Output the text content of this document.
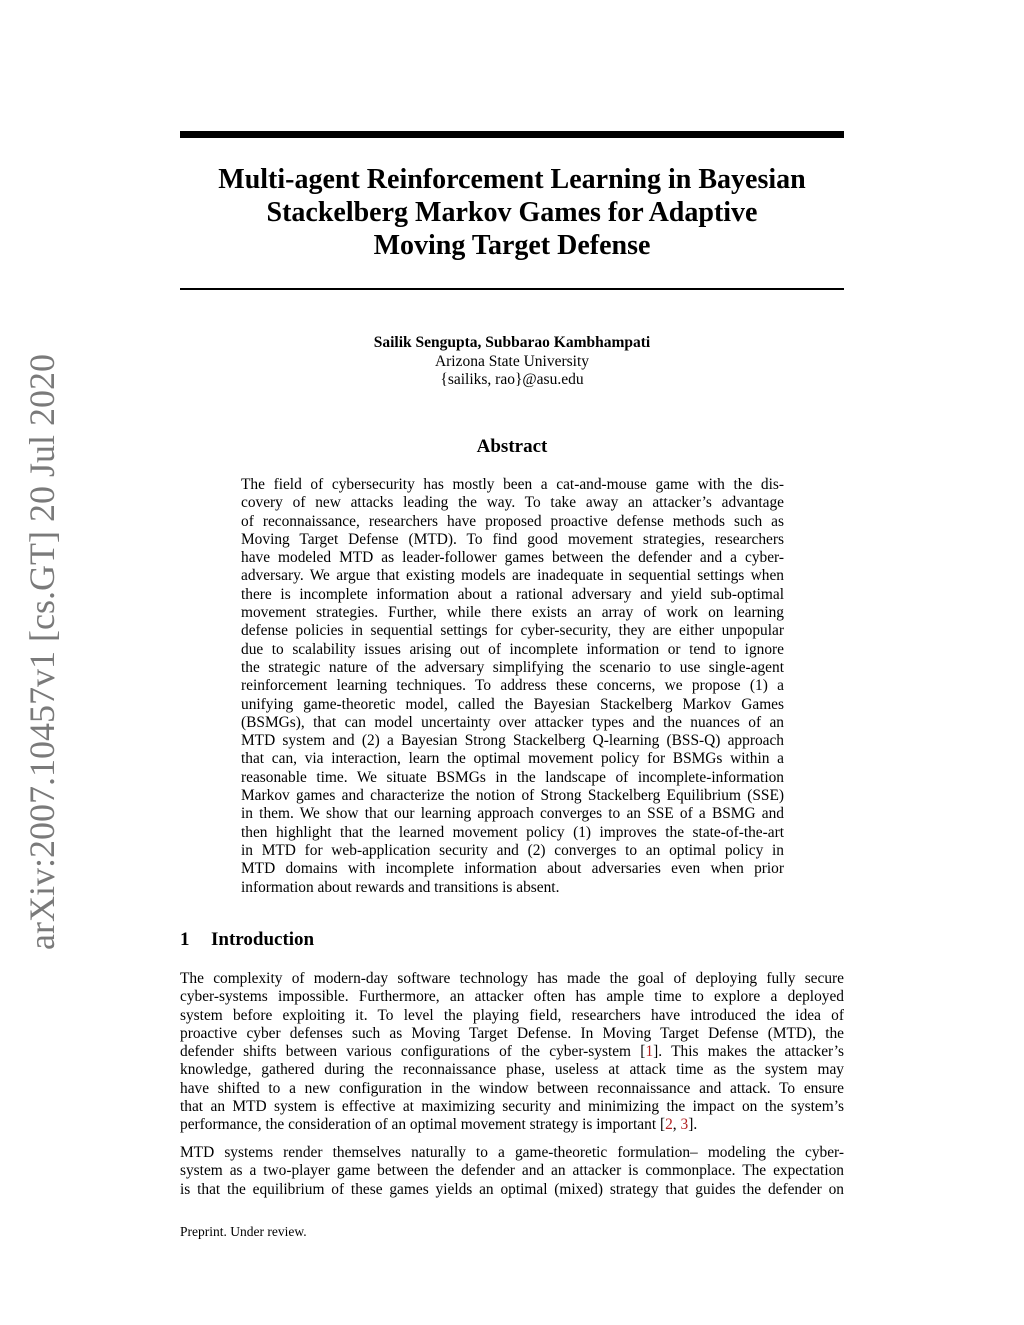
arXiv:2007.10457v1 [cs.GT] 20 Jul 2020
Multi-agent Reinforcement Learning in Bayesian
Stackelberg Markov Games for Adaptive
Moving Target Defense
Sailik Sengupta, Subbarao Kambhampati
Arizona State University
{sailiks, rao}@asu.edu
Abstract
The field of cybersecurity has mostly been a cat-and-mouse game with the dis-
covery of new attacks leading the way. To take away an attacker’s advantage
of reconnaissance, researchers have proposed proactive defense methods such as
Moving Target Defense (MTD). To find good movement strategies, researchers
have modeled MTD as leader-follower games between the defender and a cyber-
adversary. We argue that existing models are inadequate in sequential settings when
there is incomplete information about a rational adversary and yield sub-optimal
movement strategies. Further, while there exists an array of work on learning
defense policies in sequential settings for cyber-security, they are either unpopular
due to scalability issues arising out of incomplete information or tend to ignore
the strategic nature of the adversary simplifying the scenario to use single-agent
reinforcement learning techniques. To address these concerns, we propose (1) a
unifying game-theoretic model, called the Bayesian Stackelberg Markov Games
(BSMGs), that can model uncertainty over attacker types and the nuances of an
MTD system and (2) a Bayesian Strong Stackelberg Q-learning (BSS-Q) approach
that can, via interaction, learn the optimal movement policy for BSMGs within a
reasonable time. We situate BSMGs in the landscape of incomplete-information
Markov games and characterize the notion of Strong Stackelberg Equilibrium (SSE)
in them. We show that our learning approach converges to an SSE of a BSMG and
then highlight that the learned movement policy (1) improves the state-of-the-art
in MTD for web-application security and (2) converges to an optimal policy in
MTD domains with incomplete information about adversaries even when prior
information about rewards and transitions is absent.
1 Introduction
The complexity of modern-day software technology has made the goal of deploying fully secure
cyber-systems impossible. Furthermore, an attacker often has ample time to explore a deployed
system before exploiting it. To level the playing field, researchers have introduced the idea of
proactive cyber defenses such as Moving Target Defense. In Moving Target Defense (MTD), the
defender shifts between various configurations of the cyber-system [1]. This makes the attacker’s
knowledge, gathered during the reconnaissance phase, useless at attack time as the system may
have shifted to a new configuration in the window between reconnaissance and attack. To ensure
that an MTD system is effective at maximizing security and minimizing the impact on the system’s
performance, the consideration of an optimal movement strategy is important [2, 3].
MTD systems render themselves naturally to a game-theoretic formulation– modeling the cyber-
system as a two-player game between the defender and an attacker is commonplace. The expectation
is that the equilibrium of these games yields an optimal (mixed) strategy that guides the defender on
Preprint. Under review.
